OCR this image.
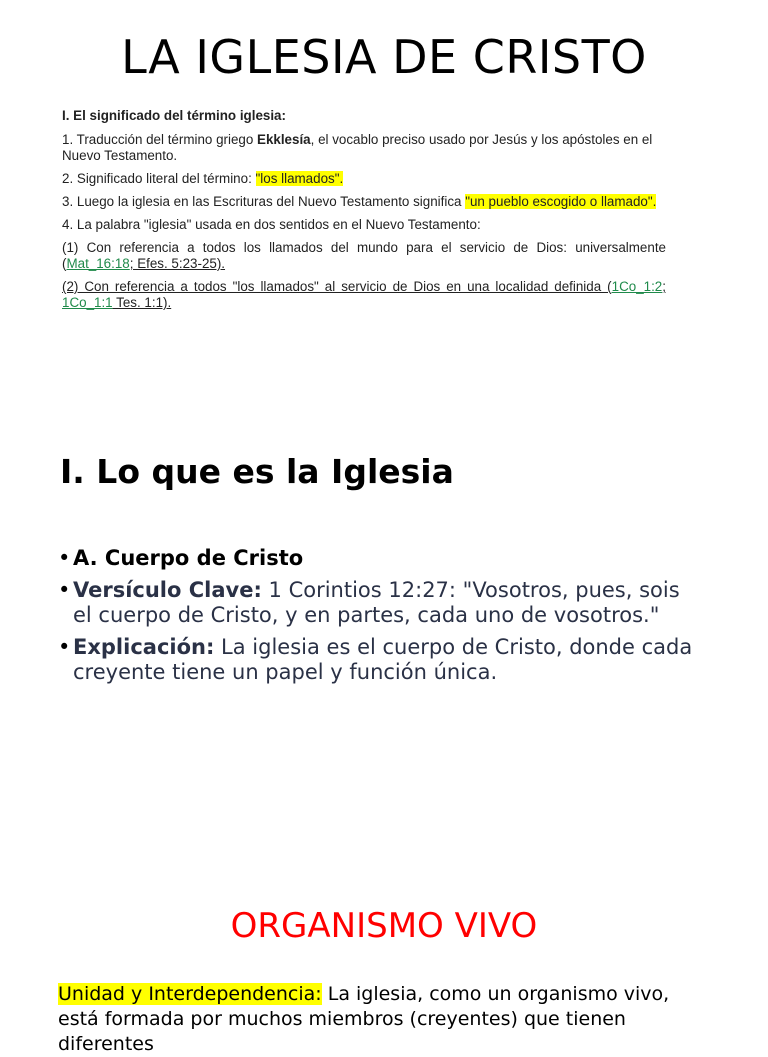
LA IGLESIA DE CRISTO

I. El significado del término iglesia:

1. Traducción del término griego Ekklesía, el vocablo preciso usado por Jesús y los apóstoles en el Nuevo Testamento.

2. Significado literal del término: "los llamados".

3. Luego la iglesia en las Escrituras del Nuevo Testamento significa "un pueblo escogido o llamado".

4. La palabra "iglesia" usada en dos sentidos en el Nuevo Testamento:

(1) Con referencia a todos los llamados del mundo para el servicio de Dios: universalmente (Mat_16:18; Efes. 5:23-25).

(2) Con referencia a todos "los llamados" al servicio de Dios en una localidad definida (1Co_1:2; 1Co_1:1 Tes. 1:1).

I. Lo que es la Iglesia
• A. Cuerpo de Cristo
• Versículo Clave: 1 Corintios 12:27: "Vosotros, pues, sois el cuerpo de Cristo, y en partes, cada uno de vosotros."
• Explicación: La iglesia es el cuerpo de Cristo, donde cada creyente tiene un papel y función única.
ORGANISMO VIVO

Unidad y Interdependencia: La iglesia, como un organismo vivo, está formada por muchos miembros (creyentes) que tienen diferentes
